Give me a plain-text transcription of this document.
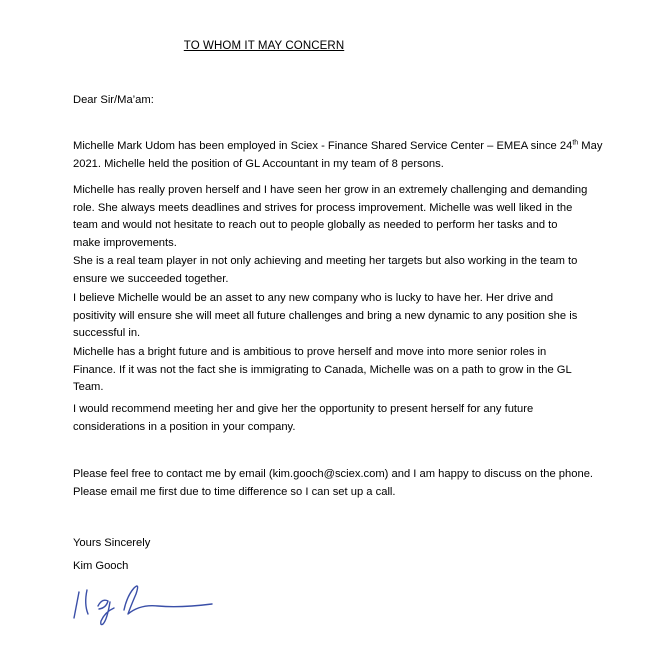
TO WHOM IT MAY CONCERN
Dear Sir/Ma’am:
Michelle Mark Udom has been employed in Sciex - Finance Shared Service Center – EMEA since 24th May
2021. Michelle held the position of GL Accountant in my team of 8 persons.
Michelle has really proven herself and I have seen her grow in an extremely challenging and demanding
role. She always meets deadlines and strives for process improvement. Michelle was well liked in the
team and would not hesitate to reach out to people globally as needed to perform her tasks and to
make improvements.
She is a real team player in not only achieving and meeting her targets but also working in the team to
ensure we succeeded together.
I believe Michelle would be an asset to any new company who is lucky to have her. Her drive and
positivity will ensure she will meet all future challenges and bring a new dynamic to any position she is
successful in.
Michelle has a bright future and is ambitious to prove herself and move into more senior roles in
Finance. If it was not the fact she is immigrating to Canada, Michelle was on a path to grow in the GL
Team.
I would recommend meeting her and give her the opportunity to present herself for any future
considerations in a position in your company.
Please feel free to contact me by email (kim.gooch@sciex.com) and I am happy to discuss on the phone.
Please email me first due to time difference so I can set up a call.
Yours Sincerely
Kim Gooch
